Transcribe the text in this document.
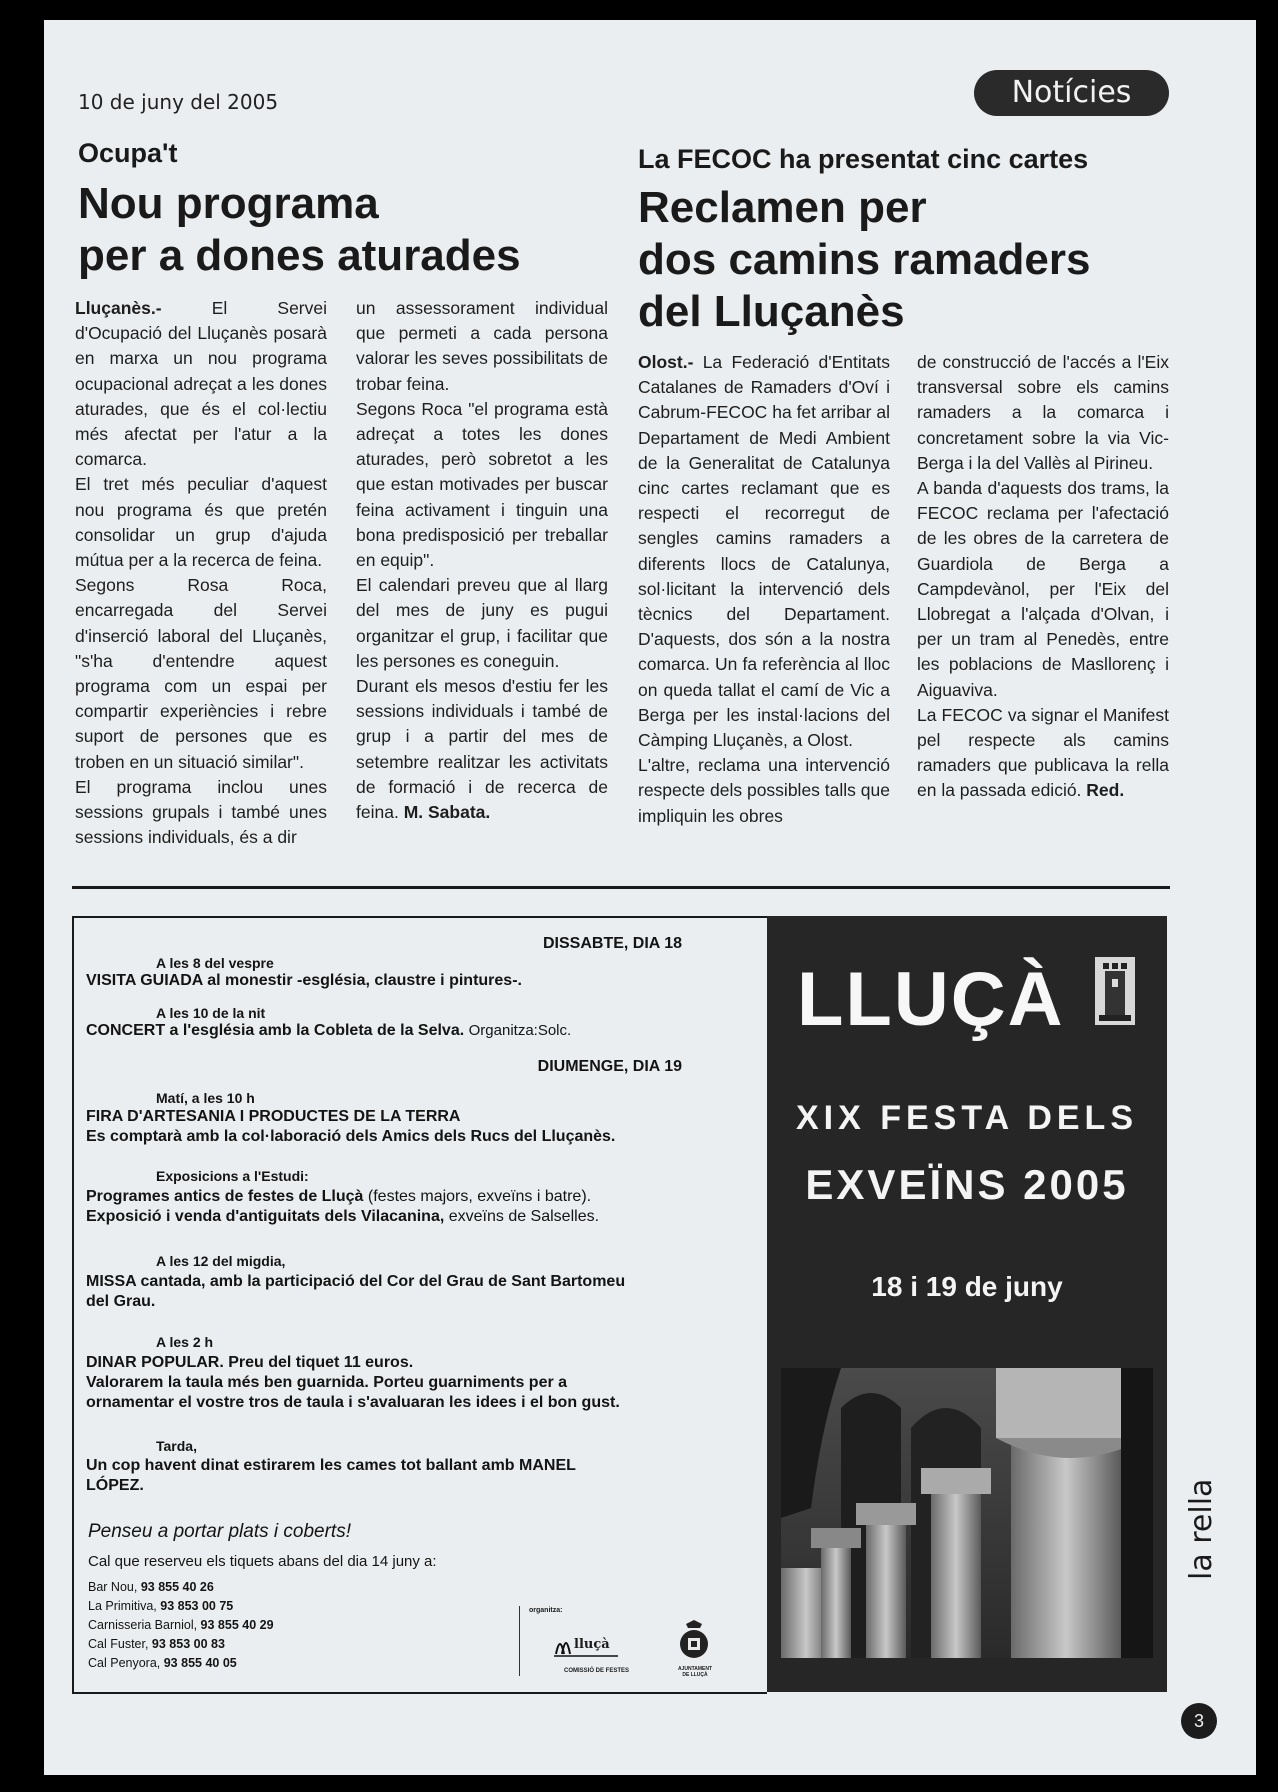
10 de juny del 2005	Notícies
Ocupa't
Nou programa
per a dones aturades

Lluçanès.-	El Servei d'Ocupació del Lluçanès posarà en marxa un nou programa ocupacional adreçat a les dones aturades, que és el col·lectiu més afectat per l'atur a la comarca.

El tret més peculiar d'aquest nou programa és que pretén consolidar un grup d'ajuda mútua per a la recerca de feina.

Segons Rosa Roca, encarregada del Servei d'inserció laboral del Lluçanès, "s'ha d'entendre aquest programa com un espai per compartir experiències i rebre suport de persones que es troben en un situació similar".

El programa inclou unes sessions grupals i també unes sessions individuals, és a dir

un assessorament individual que permeti a cada persona valorar les seves possibilitats de trobar feina.

Segons Roca "el programa està adreçat a totes les dones aturades, però sobretot a les que estan motivades per buscar feina activament i tinguin una bona predisposició per treballar en equip".

El calendari preveu que al llarg del mes de juny es pugui organitzar el grup, i facilitar que les persones es coneguin.

Durant els mesos d'estiu fer les sessions individuals i també de grup i a partir del mes de setembre realitzar les activitats de formació i de recerca de feina. M. Sabata.

La FECOC ha presentat cinc cartes
Reclamen per
dos camins ramaders
del Lluçanès

Olost.- La Federació d'Entitats Catalanes de Ramaders d'Oví i Cabrum-FECOC ha fet arribar al Departament de Medi Ambient de la Generalitat de Catalunya cinc cartes reclamant que es respecti el recorregut de sengles camins ramaders a diferents llocs de Catalunya, sol·licitant la intervenció dels tècnics del Departament. D'aquests, dos són a la nostra comarca. Un fa referència al lloc on queda tallat el camí de Vic a Berga per les instal·lacions del Càmping Lluçanès, a Olost.

L'altre, reclama una intervenció respecte dels possibles talls que impliquin les obres

de construcció de l'accés a l'Eix transversal sobre els camins ramaders a la comarca i concretament sobre la via Vic-Berga i la del Vallès al Pirineu.

A banda d'aquests dos trams, la FECOC reclama per l'afectació de les obres de la carretera de Guardiola de Berga a Campdevànol, per l'Eix del Llobregat a l'alçada d'Olvan, i per un tram al Penedès, entre les poblacions de Masllorenç i Aiguaviva.

La FECOC va signar el Manifest pel respecte als camins ramaders que publicava la rella en la passada edició. Red.

DISSABTE, DIA 18
A les 8 del vespre
VISITA GUIADA al monestir -església, claustre i pintures-.
A les 10 de la nit
CONCERT a l'església amb la Cobleta de la Selva. Organitza:Solc.
DIUMENGE, DIA 19
Matí, a les 10 h
FIRA D'ARTESANIA I PRODUCTES DE LA TERRA
Es comptarà amb la col·laboració dels Amics dels Rucs del Lluçanès.
Exposicions a l'Estudi:
Programes antics de festes de Lluçà (festes majors, exveïns i batre).
Exposició i venda d'antiguitats dels Vilacanina, exveïns de Salselles.
A les 12 del migdia,
MISSA cantada, amb la participació del Cor del Grau de Sant Bartomeu
del Grau.
A les 2 h
DINAR POPULAR. Preu del tiquet 11 euros.
Valorarem la taula més ben guarnida. Porteu guarniments per a
ornamentar el vostre tros de taula i s'avaluaran les idees i el bon gust.
Tarda,
Un cop havent dinat estirarem les cames tot ballant amb MANEL
LÓPEZ.
Penseu a portar plats i coberts!
Cal que reserveu els tiquets abans del dia 14 juny a:
Bar Nou, 93 855 40 26
La Primitiva, 93 853 00 75
Carnisseria Barniol, 93 855 40 29
Cal Fuster, 93 853 00 83
Cal Penyora, 93 855 40 05
organitza:
lluçà
COMISSIÓ DE FESTES	AJUNTAMENT DE LLUÇÀ
LLUÇÀ
XIX FESTA DELS
EXVEÏNS 2005
18 i 19 de juny
la rella
3
